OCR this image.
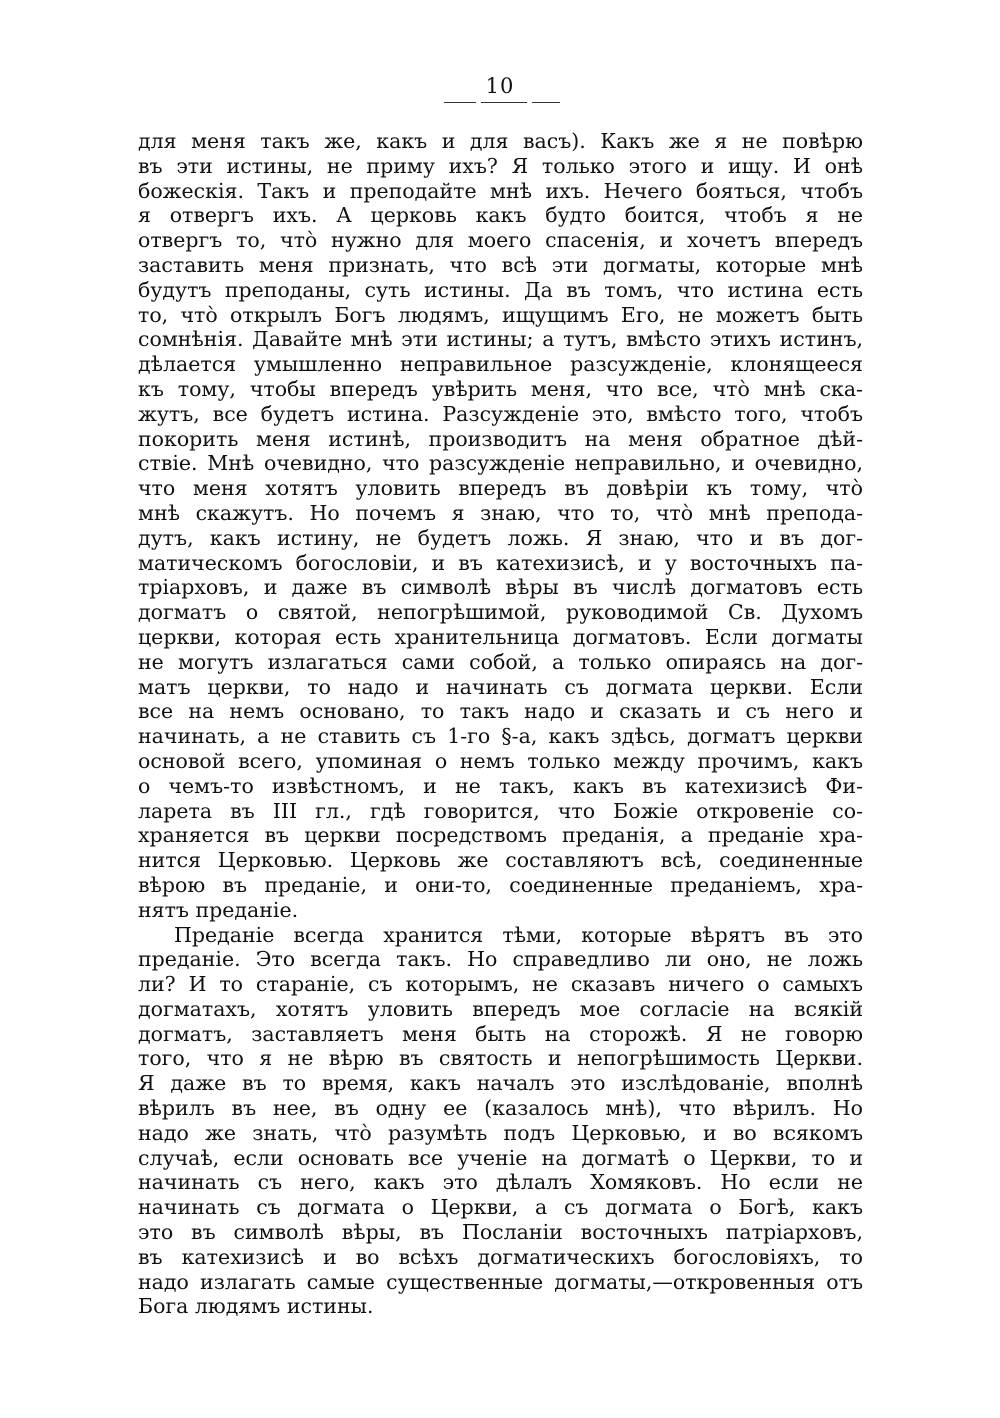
10
для меня такъ же, какъ и для васъ). Какъ же я не повѣрю
въ эти истины, не приму ихъ? Я только этого и ищу. И онѣ
божескія. Такъ и преподайте мнѣ ихъ. Нечего бояться, чтобъ
я отвергъ ихъ. А церковь какъ будто боится, чтобъ я не
отвергъ то, что̀ нужно для моего спасенія, и хочетъ впередъ
заставить меня признать, что всѣ эти догматы, которые мнѣ
будутъ преподаны, суть истины. Да въ томъ, что истина есть
то, что̀ открылъ Богъ людямъ, ищущимъ Его, не можетъ быть
сомнѣнія. Давайте мнѣ эти истины; а тутъ, вмѣсто этихъ истинъ,
дѣлается умышленно неправильное разсужденіе, клонящееся
къ тому, чтобы впередъ увѣрить меня, что все, что̀ мнѣ ска-
жутъ, все будетъ истина. Разсужденіе это, вмѣсто того, чтобъ
покорить меня истинѣ, производитъ на меня обратное дѣй-
ствіе. Мнѣ очевидно, что разсужденіе неправильно, и очевидно,
что меня хотятъ уловить впередъ въ довѣріи къ тому, что̀
мнѣ скажутъ. Но почемъ я знаю, что то, что̀ мнѣ препода-
дутъ, какъ истину, не будетъ ложь. Я знаю, что и въ дог-
матическомъ богословіи, и въ катехизисѣ, и у восточныхъ па-
тріарховъ, и даже въ символѣ вѣры въ числѣ догматовъ есть
догматъ о святой, непогрѣшимой, руководимой Св. Духомъ
церкви, которая есть хранительница догматовъ. Если догматы
не могутъ излагаться сами собой, а только опираясь на дог-
матъ церкви, то надо и начинать съ догмата церкви. Если
все на немъ основано, то такъ надо и сказать и съ него и
начинать, а не ставить съ 1-го §-а, какъ здѣсь, догматъ церкви
основой всего, упоминая о немъ только между прочимъ, какъ
о чемъ-то извѣстномъ, и не такъ, какъ въ катехизисѣ Фи-
ларета въ III гл., гдѣ говорится, что Божіе откровеніе со-
храняется въ церкви посредствомъ преданія, а преданіе хра-
нится Церковью. Церковь же составляютъ всѣ, соединенные
вѣрою въ преданіе, и они-то, соединенные преданіемъ, хра-
нятъ преданіе.
Преданіе всегда хранится тѣми, которые вѣрятъ въ это
преданіе. Это всегда такъ. Но справедливо ли оно, не ложь
ли? И то стараніе, съ которымъ, не сказавъ ничего о самыхъ
догматахъ, хотятъ уловить впередъ мое согласіе на всякій
догматъ, заставляетъ меня быть на сторожѣ. Я не говорю
того, что я не вѣрю въ святость и непогрѣшимость Церкви.
Я даже въ то время, какъ началъ это изслѣдованіе, вполнѣ
вѣрилъ въ нее, въ одну ее (казалось мнѣ), что вѣрилъ. Но
надо же знать, что̀ разумѣть подъ Церковью, и во всякомъ
случаѣ, если основать все ученіе на догматѣ о Церкви, то и
начинать съ него, какъ это дѣлалъ Хомяковъ. Но если не
начинать съ догмата о Церкви, а съ догмата о Богѣ, какъ
это въ символѣ вѣры, въ Посланіи восточныхъ патріарховъ,
въ катехизисѣ и во всѣхъ догматическихъ богословіяхъ, то
надо излагать самые существенные догматы,—откровенныя отъ
Бога людямъ истины.
